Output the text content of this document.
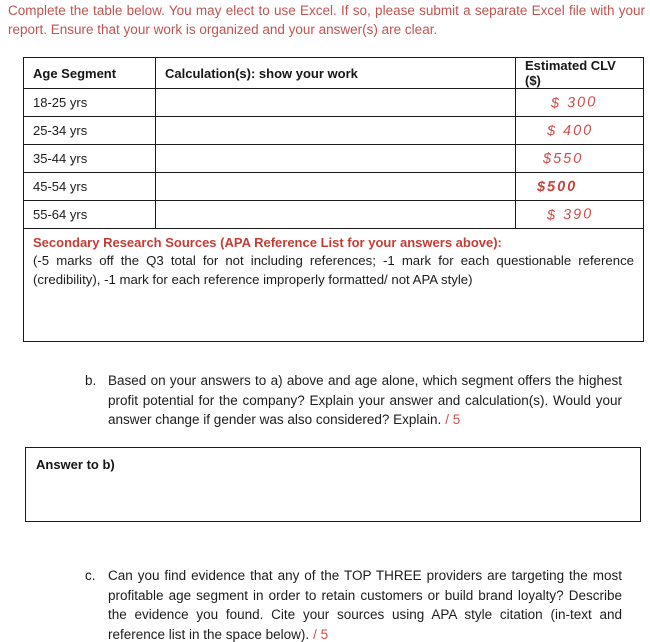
Complete the table below. You may elect to use Excel. If so, please submit a separate Excel file with your report. Ensure that your work is organized and your answer(s) are clear.

Age Segment	Calculation(s): show your work	Estimated CLV ($)
18-25 yrs		$ 300
25-34 yrs		$ 400
35-44 yrs		$550
45-54 yrs		$500
55-64 yrs		$ 390

Secondary Research Sources (APA Reference List for your answers above):
(-5 marks off the Q3 total for not including references; -1 mark for each questionable reference (credibility), -1 mark for each reference improperly formatted/ not APA style)		
b. Based on your answers to a) above and age alone, which segment offers the highest profit potential for the company? Explain your answer and calculation(s). Would your answer change if gender was also considered? Explain. / 5

Answer to b)
c. Can you find evidence that any of the TOP THREE providers are targeting the most profitable age segment in order to retain customers or build brand loyalty? Describe the evidence you found. Cite your sources using APA style citation (in-text and reference list in the space below). / 5
